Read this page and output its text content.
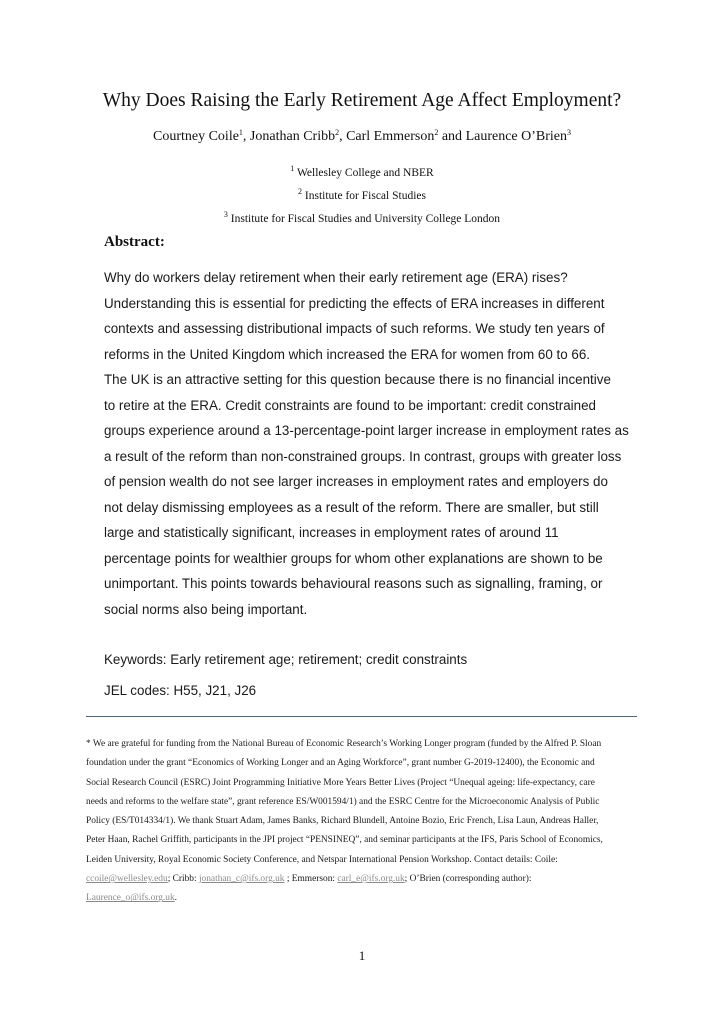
Why Does Raising the Early Retirement Age Affect Employment?
Courtney Coile$^1$, Jonathan Cribb$^2$, Carl Emmerson$^2$ and Laurence O’Brien$^3$
$^1$ Wellesley College and NBER
$^2$ Institute for Fiscal Studies
$^3$ Institute for Fiscal Studies and University College London
Abstract:

Why do workers delay retirement when their early retirement age (ERA) rises?
Understanding this is essential for predicting the effects of ERA increases in different
contexts and assessing distributional impacts of such reforms. We study ten years of
reforms in the United Kingdom which increased the ERA for women from 60 to 66.
The UK is an attractive setting for this question because there is no financial incentive
to retire at the ERA. Credit constraints are found to be important: credit constrained
groups experience around a 13-percentage-point larger increase in employment rates as
a result of the reform than non-constrained groups. In contrast, groups with greater loss
of pension wealth do not see larger increases in employment rates and employers do
not delay dismissing employees as a result of the reform. There are smaller, but still
large and statistically significant, increases in employment rates of around 11
percentage points for wealthier groups for whom other explanations are shown to be
unimportant. This points towards behavioural reasons such as signalling, framing, or
social norms also being important.

Keywords: Early retirement age; retirement; credit constraints
JEL codes: H55, J21, J26
* We are grateful for funding from the National Bureau of Economic Research’s Working Longer program (funded by the Alfred P. Sloan
foundation under the grant “Economics of Working Longer and an Aging Workforce”, grant number G-2019-12400), the Economic and
Social Research Council (ESRC) Joint Programming Initiative More Years Better Lives (Project “Unequal ageing: life-expectancy, care
needs and reforms to the welfare state”, grant reference ES/W001594/1) and the ESRC Centre for the Microeconomic Analysis of Public
Policy (ES/T014334/1). We thank Stuart Adam, James Banks, Richard Blundell, Antoine Bozio, Eric French, Lisa Laun, Andreas Haller,
Peter Haan, Rachel Griffith, participants in the JPI project “PENSINEQ”, and seminar participants at the IFS, Paris School of Economics,
Leiden University, Royal Economic Society Conference, and Netspar International Pension Workshop. Contact details: Coile:
ccoile@wellesley.edu; Cribb: jonathan_c@ifs.org.uk ; Emmerson: carl_e@ifs.org.uk; O’Brien (corresponding author):
Laurence_o@ifs.org.uk.
1
